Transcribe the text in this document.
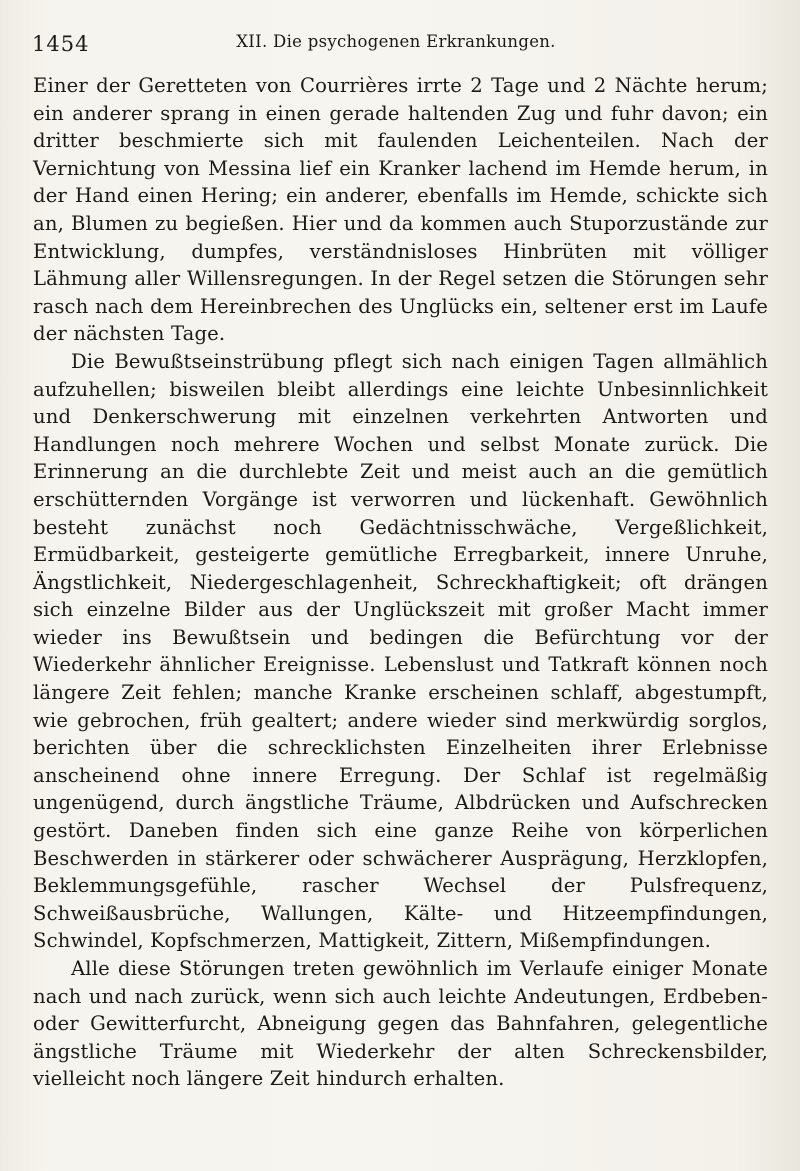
1454	XII. Die psychogenen Erkrankungen.

Einer der Geretteten von Courrières irrte 2 Tage und 2 Nächte herum; ein anderer sprang in einen gerade haltenden Zug und fuhr davon; ein dritter beschmierte sich mit faulenden Leichenteilen. Nach der Vernichtung von Messina lief ein Kranker lachend im Hemde herum, in der Hand einen Hering; ein anderer, ebenfalls im Hemde, schickte sich an, Blumen zu begießen. Hier und da kommen auch Stuporzustände zur Entwicklung, dumpfes, verständnisloses Hinbrüten mit völliger Lähmung aller Willensregungen. In der Regel setzen die Störungen sehr rasch nach dem Hereinbrechen des Unglücks ein, seltener erst im Laufe der nächsten Tage.

Die Bewußtseinstrübung pflegt sich nach einigen Tagen allmählich aufzuhellen; bisweilen bleibt allerdings eine leichte Unbesinnlichkeit und Denkerschwerung mit einzelnen verkehrten Antworten und Handlungen noch mehrere Wochen und selbst Monate zurück. Die Erinnerung an die durchlebte Zeit und meist auch an die gemütlich erschütternden Vorgänge ist verworren und lückenhaft. Gewöhnlich besteht zunächst noch Gedächtnisschwäche, Vergeßlichkeit, Ermüdbarkeit, gesteigerte gemütliche Erregbarkeit, innere Unruhe, Ängstlichkeit, Niedergeschlagenheit, Schreckhaftigkeit; oft drängen sich einzelne Bilder aus der Unglückszeit mit großer Macht immer wieder ins Bewußtsein und bedingen die Befürchtung vor der Wiederkehr ähnlicher Ereignisse. Lebenslust und Tatkraft können noch längere Zeit fehlen; manche Kranke erscheinen schlaff, abgestumpft, wie gebrochen, früh gealtert; andere wieder sind merkwürdig sorglos, berichten über die schrecklichsten Einzelheiten ihrer Erlebnisse anscheinend ohne innere Erregung. Der Schlaf ist regelmäßig ungenügend, durch ängstliche Träume, Albdrücken und Aufschrecken gestört. Daneben finden sich eine ganze Reihe von körperlichen Beschwerden in stärkerer oder schwächerer Ausprägung, Herzklopfen, Beklemmungsgefühle, rascher Wechsel der Pulsfrequenz, Schweißausbrüche, Wallungen, Kälte- und Hitzeempfindungen, Schwindel, Kopfschmerzen, Mattigkeit, Zittern, Mißempfindungen.

Alle diese Störungen treten gewöhnlich im Verlaufe einiger Monate nach und nach zurück, wenn sich auch leichte Andeutungen, Erdbeben- oder Gewitterfurcht, Abneigung gegen das Bahnfahren, gelegentliche ängstliche Träume mit Wiederkehr der alten Schreckensbilder, vielleicht noch längere Zeit hindurch erhalten.
